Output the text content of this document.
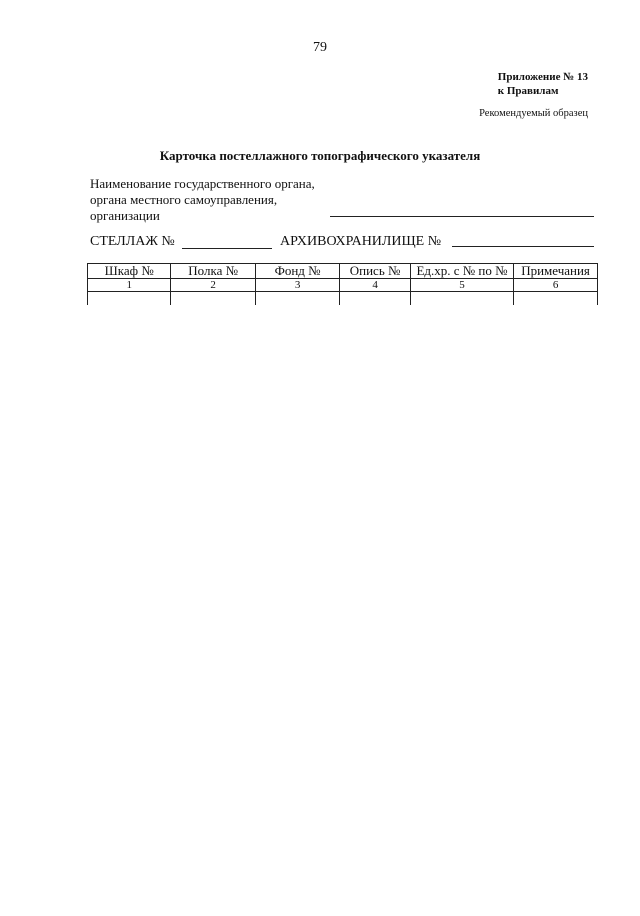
79
Приложение № 13
к Правилам
Рекомендуемый образец
Карточка постеллажного топографического указателя
Наименование государственного органа,
органа местного самоуправления,
организации
СТЕЛЛАЖ №	АРХИВОХРАНИЛИЩЕ №
Шкаф №	Полка №	Фонд №	Опись №	Ед.хр. с № по №	Примечания
1	2	3	4	5	6
